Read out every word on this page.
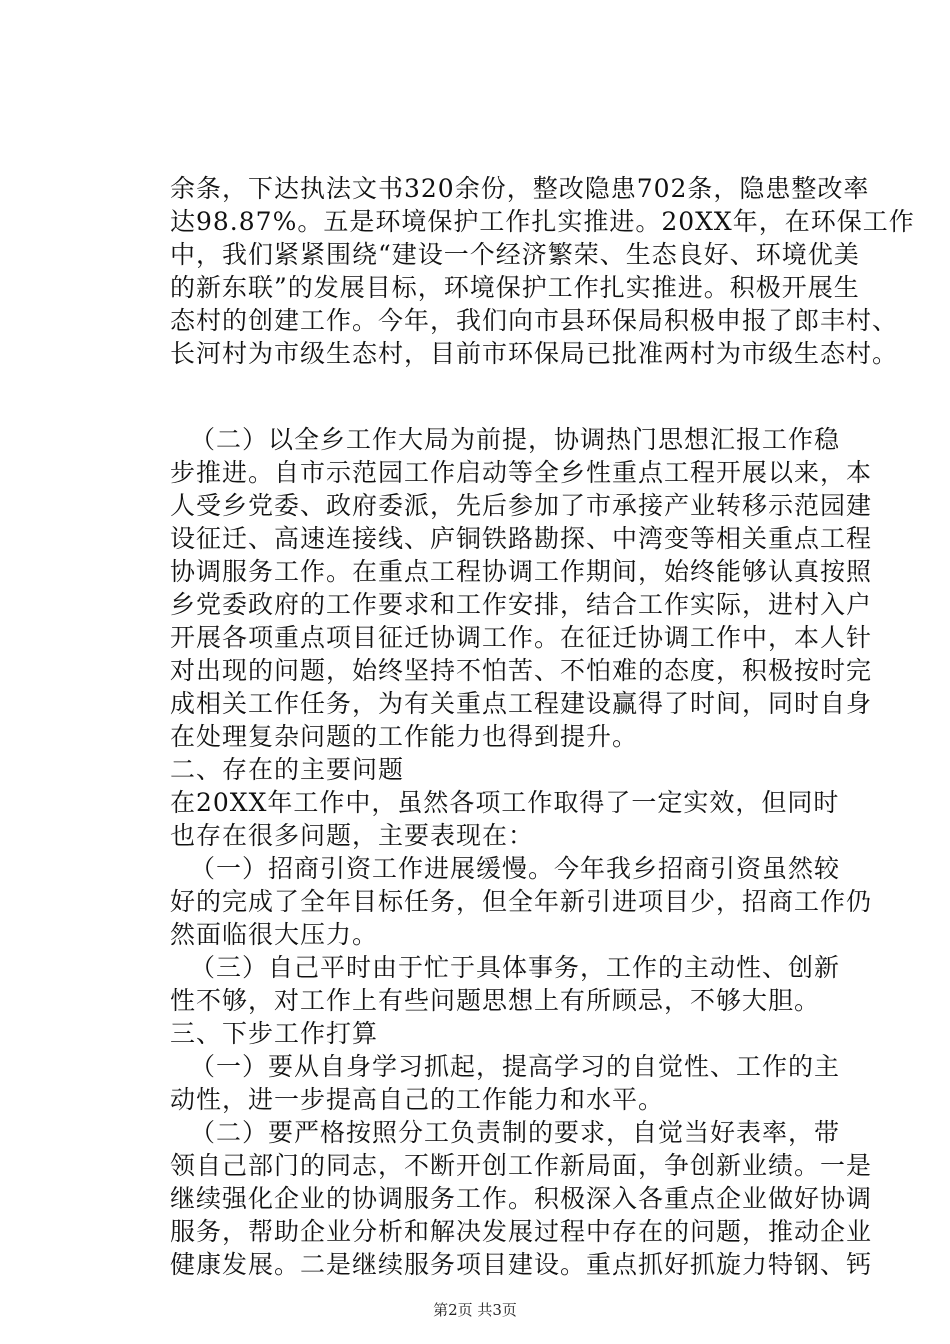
余条，下达执法文书320余份，整改隐患702条，隐患整改率
达98.87%。五是环境保护工作扎实推进。20XX年，在环保工作
中，我们紧紧围绕“建设一个经济繁荣、生态良好、环境优美
的新东联”的发展目标，环境保护工作扎实推进。积极开展生
态村的创建工作。今年，我们向市县环保局积极申报了郎丰村、
长河村为市级生态村，目前市环保局已批准两村为市级生态村。
（二）以全乡工作大局为前提，协调热门思想汇报工作稳
步推进。自市示范园工作启动等全乡性重点工程开展以来，本
人受乡党委、政府委派，先后参加了市承接产业转移示范园建
设征迁、高速连接线、庐铜铁路勘探、中湾变等相关重点工程
协调服务工作。在重点工程协调工作期间，始终能够认真按照
乡党委政府的工作要求和工作安排，结合工作实际，进村入户
开展各项重点项目征迁协调工作。在征迁协调工作中，本人针
对出现的问题，始终坚持不怕苦、不怕难的态度，积极按时完
成相关工作任务，为有关重点工程建设赢得了时间，同时自身
在处理复杂问题的工作能力也得到提升。
二、存在的主要问题
在20XX年工作中，虽然各项工作取得了一定实效，但同时
也存在很多问题，主要表现在：
（一）招商引资工作进展缓慢。今年我乡招商引资虽然较
好的完成了全年目标任务，但全年新引进项目少，招商工作仍
然面临很大压力。
（三）自己平时由于忙于具体事务，工作的主动性、创新
性不够，对工作上有些问题思想上有所顾忌，不够大胆。
三、下步工作打算
（一）要从自身学习抓起，提高学习的自觉性、工作的主
动性，进一步提高自己的工作能力和水平。
（二）要严格按照分工负责制的要求，自觉当好表率，带
领自己部门的同志，不断开创工作新局面，争创新业绩。一是
继续强化企业的协调服务工作。积极深入各重点企业做好协调
服务，帮助企业分析和解决发展过程中存在的问题，推动企业
健康发展。二是继续服务项目建设。重点抓好抓旋力特钢、钙
第2页 共3页
